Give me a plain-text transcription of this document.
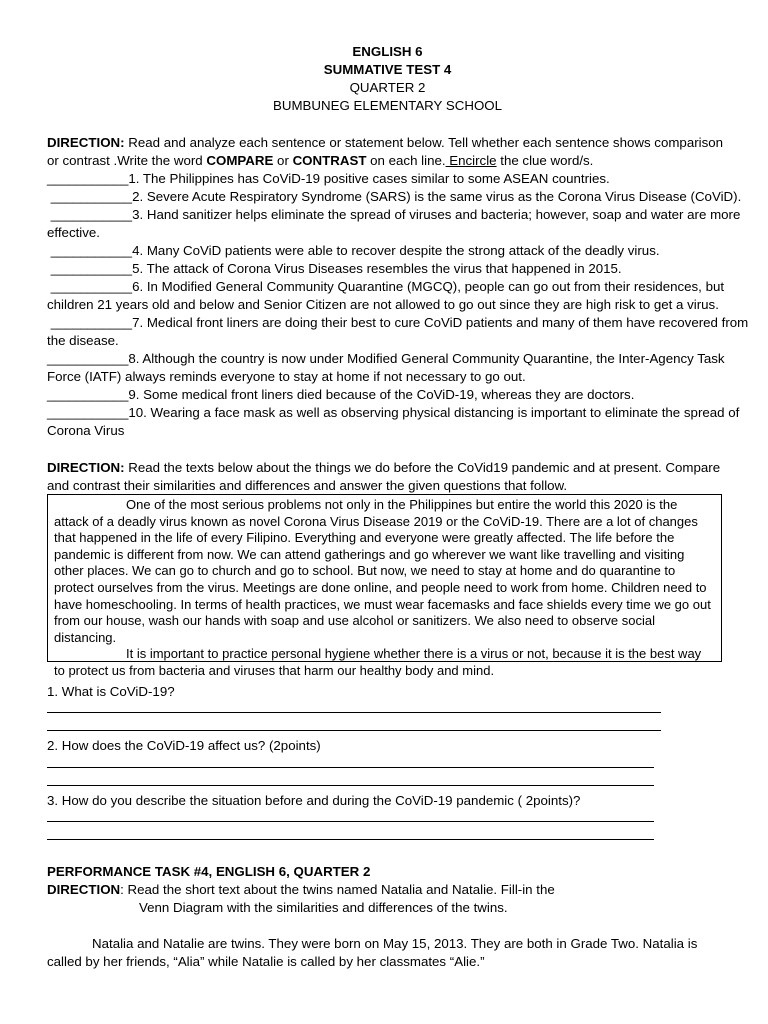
ENGLISH 6
SUMMATIVE TEST 4
QUARTER 2
BUMBUNEG ELEMENTARY SCHOOL
DIRECTION: Read and analyze each sentence or statement below. Tell whether each sentence shows comparison or contrast .Write the word COMPARE or CONTRAST on each line. Encircle the clue word/s.
___________1. The Philippines has CoViD-19 positive cases similar to some ASEAN countries.
___________2. Severe Acute Respiratory Syndrome (SARS) is the same virus as the Corona Virus Disease (CoViD).
___________3. Hand sanitizer helps eliminate the spread of viruses and bacteria; however, soap and water are more
effective.
___________4. Many CoViD patients were able to recover despite the strong attack of the deadly virus.
___________5. The attack of Corona Virus Diseases resembles the virus that happened in 2015.
___________6. In Modified General Community Quarantine (MGCQ), people can go out from their residences, but
children 21 years old and below and Senior Citizen are not allowed to go out since they are high risk to get a virus.
___________7. Medical front liners are doing their best to cure CoViD patients and many of them have recovered from
the disease.
___________8. Although the country is now under Modified General Community Quarantine, the Inter-Agency Task
Force (IATF) always reminds everyone to stay at home if not necessary to go out.
___________9. Some medical front liners died because of the CoViD-19, whereas they are doctors.
___________10. Wearing a face mask as well as observing physical distancing is important to eliminate the spread of
Corona Virus
DIRECTION: Read the texts below about the things we do before the CoVid19 pandemic and at present. Compare and contrast their similarities and differences and answer the given questions that follow.

One of the most serious problems not only in the Philippines but entire the world this 2020 is the attack of a deadly virus known as novel Corona Virus Disease 2019 or the CoViD-19. There are a lot of changes that happened in the life of every Filipino. Everything and everyone were greatly affected. The life before the pandemic is different from now. We can attend gatherings and go wherever we want like travelling and visiting other places. We can go to church and go to school. But now, we need to stay at home and do quarantine to protect ourselves from the virus. Meetings are done online, and people need to work from home. Children need to have homeschooling. In terms of health practices, we must wear facemasks and face shields every time we go out from our house, wash our hands with soap and use alcohol or sanitizers. We also need to observe social distancing.

It is important to practice personal hygiene whether there is a virus or not, because it is the best way to protect us from bacteria and viruses that harm our healthy body and mind.

1. What is CoViD-19?
2. How does the CoViD-19 affect us? (2points)
3. How do you describe the situation before and during the CoViD-19 pandemic ( 2points)?
PERFORMANCE TASK #4, ENGLISH 6, QUARTER 2
DIRECTION: Read the short text about the twins named Natalia and Natalie. Fill-in the
Venn Diagram with the similarities and differences of the twins.
Natalia and Natalie are twins. They were born on May 15, 2013. They are both in Grade Two. Natalia is called by her friends, “Alia” while Natalie is called by her classmates “Alie.”
